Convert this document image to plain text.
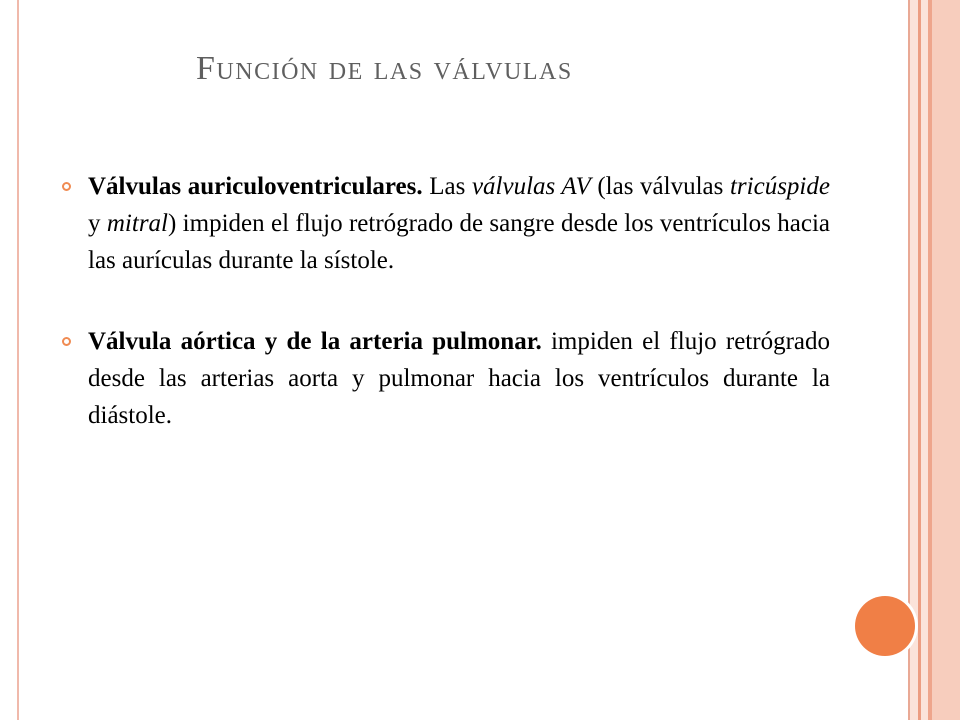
Función de las válvulas
Válvulas auriculoventriculares. Las válvulas AV (las válvulas tricúspide y mitral) impiden el flujo retrógrado de sangre desde los ventrículos hacia las aurículas durante la sístole.
Válvula aórtica y de la arteria pulmonar. impiden el flujo retrógrado desde las arterias aorta y pulmonar hacia los ventrículos durante la diástole.
